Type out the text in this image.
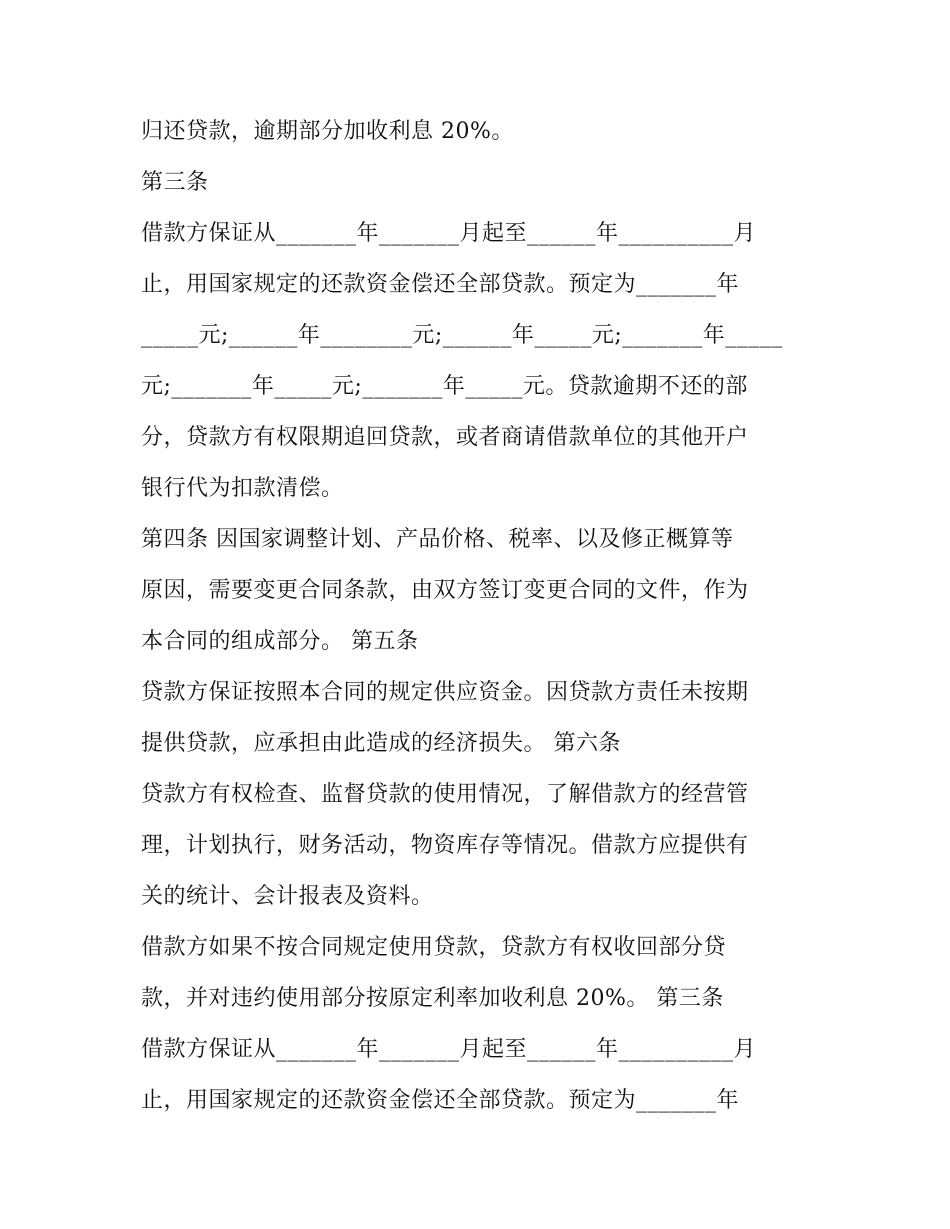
归还贷款，逾期部分加收利息 20%。
第三条
借款方保证从_______年_______月起至______年__________月
止，用国家规定的还款资金偿还全部贷款。预定为_______年
_____元;______年________元;______年_____元;_______年_____
元;_______年_____元;_______年_____元。贷款逾期不还的部
分，贷款方有权限期追回贷款，或者商请借款单位的其他开户
银行代为扣款清偿。
第四条 因国家调整计划、产品价格、税率、以及修正概算等
原因，需要变更合同条款，由双方签订变更合同的文件，作为
本合同的组成部分。 第五条
贷款方保证按照本合同的规定供应资金。因贷款方责任未按期
提供贷款，应承担由此造成的经济损失。 第六条
贷款方有权检查、监督贷款的使用情况，了解借款方的经营管
理，计划执行，财务活动，物资库存等情况。借款方应提供有
关的统计、会计报表及资料。
借款方如果不按合同规定使用贷款，贷款方有权收回部分贷
款，并对违约使用部分按原定利率加收利息 20%。 第三条
借款方保证从_______年_______月起至______年__________月
止，用国家规定的还款资金偿还全部贷款。预定为_______年
